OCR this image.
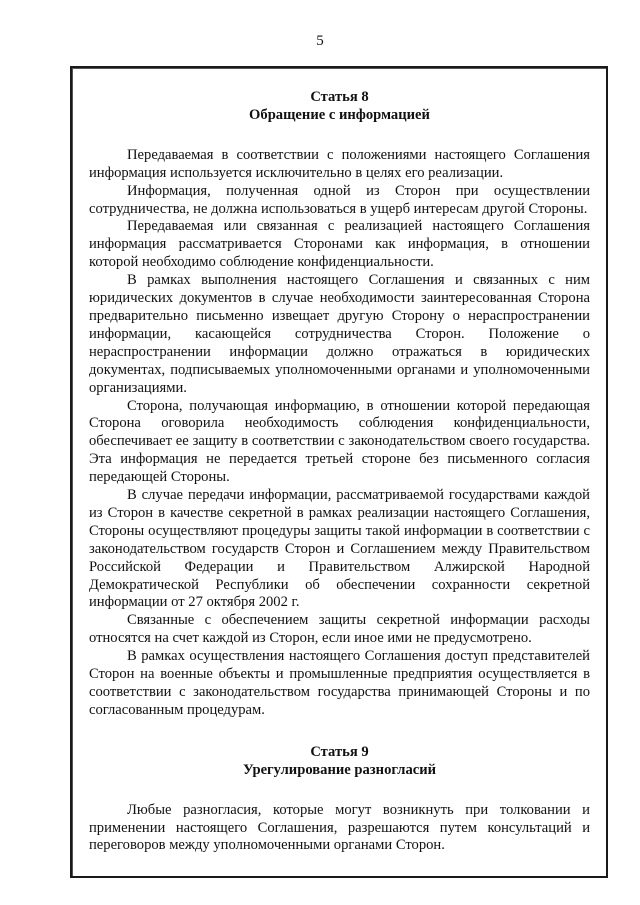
5

Статья 8

Обращение с информацией

Передаваемая в соответствии с положениями настоящего Соглашения информация используется исключительно в целях его реализации.

Информация, полученная одной из Сторон при осуществлении сотрудничества, не должна использоваться в ущерб интересам другой Стороны.

Передаваемая или связанная с реализацией настоящего Соглашения информация рассматривается Сторонами как информация, в отношении которой необходимо соблюдение конфиденциальности.

В рамках выполнения настоящего Соглашения и связанных с ним юридических документов в случае необходимости заинтересованная Сторона предварительно письменно извещает другую Сторону о нераспространении информации, касающейся сотрудничества Сторон. Положение о нераспространении информации должно отражаться в юридических документах, подписываемых уполномоченными органами и уполномоченными организациями.

Сторона, получающая информацию, в отношении которой передающая Сторона оговорила необходимость соблюдения конфиденциальности, обеспечивает ее защиту в соответствии с законодательством своего государства. Эта информация не передается третьей стороне без письменного согласия передающей Стороны.

В случае передачи информации, рассматриваемой государствами каждой из Сторон в качестве секретной в рамках реализации настоящего Соглашения, Стороны осуществляют процедуры защиты такой информации в соответствии с законодательством государств Сторон и Соглашением между Правительством Российской Федерации и Правительством Алжирской Народной Демократической Республики об обеспечении сохранности секретной информации от 27 октября 2002 г.

Связанные с обеспечением защиты секретной информации расходы относятся на счет каждой из Сторон, если иное ими не предусмотрено.

В рамках осуществления настоящего Соглашения доступ представителей Сторон на военные объекты и промышленные предприятия осуществляется в соответствии с законодательством государства принимающей Стороны и по согласованным процедурам.

Статья 9

Урегулирование разногласий

Любые разногласия, которые могут возникнуть при толковании и применении настоящего Соглашения, разрешаются путем консультаций и переговоров между уполномоченными органами Сторон.
